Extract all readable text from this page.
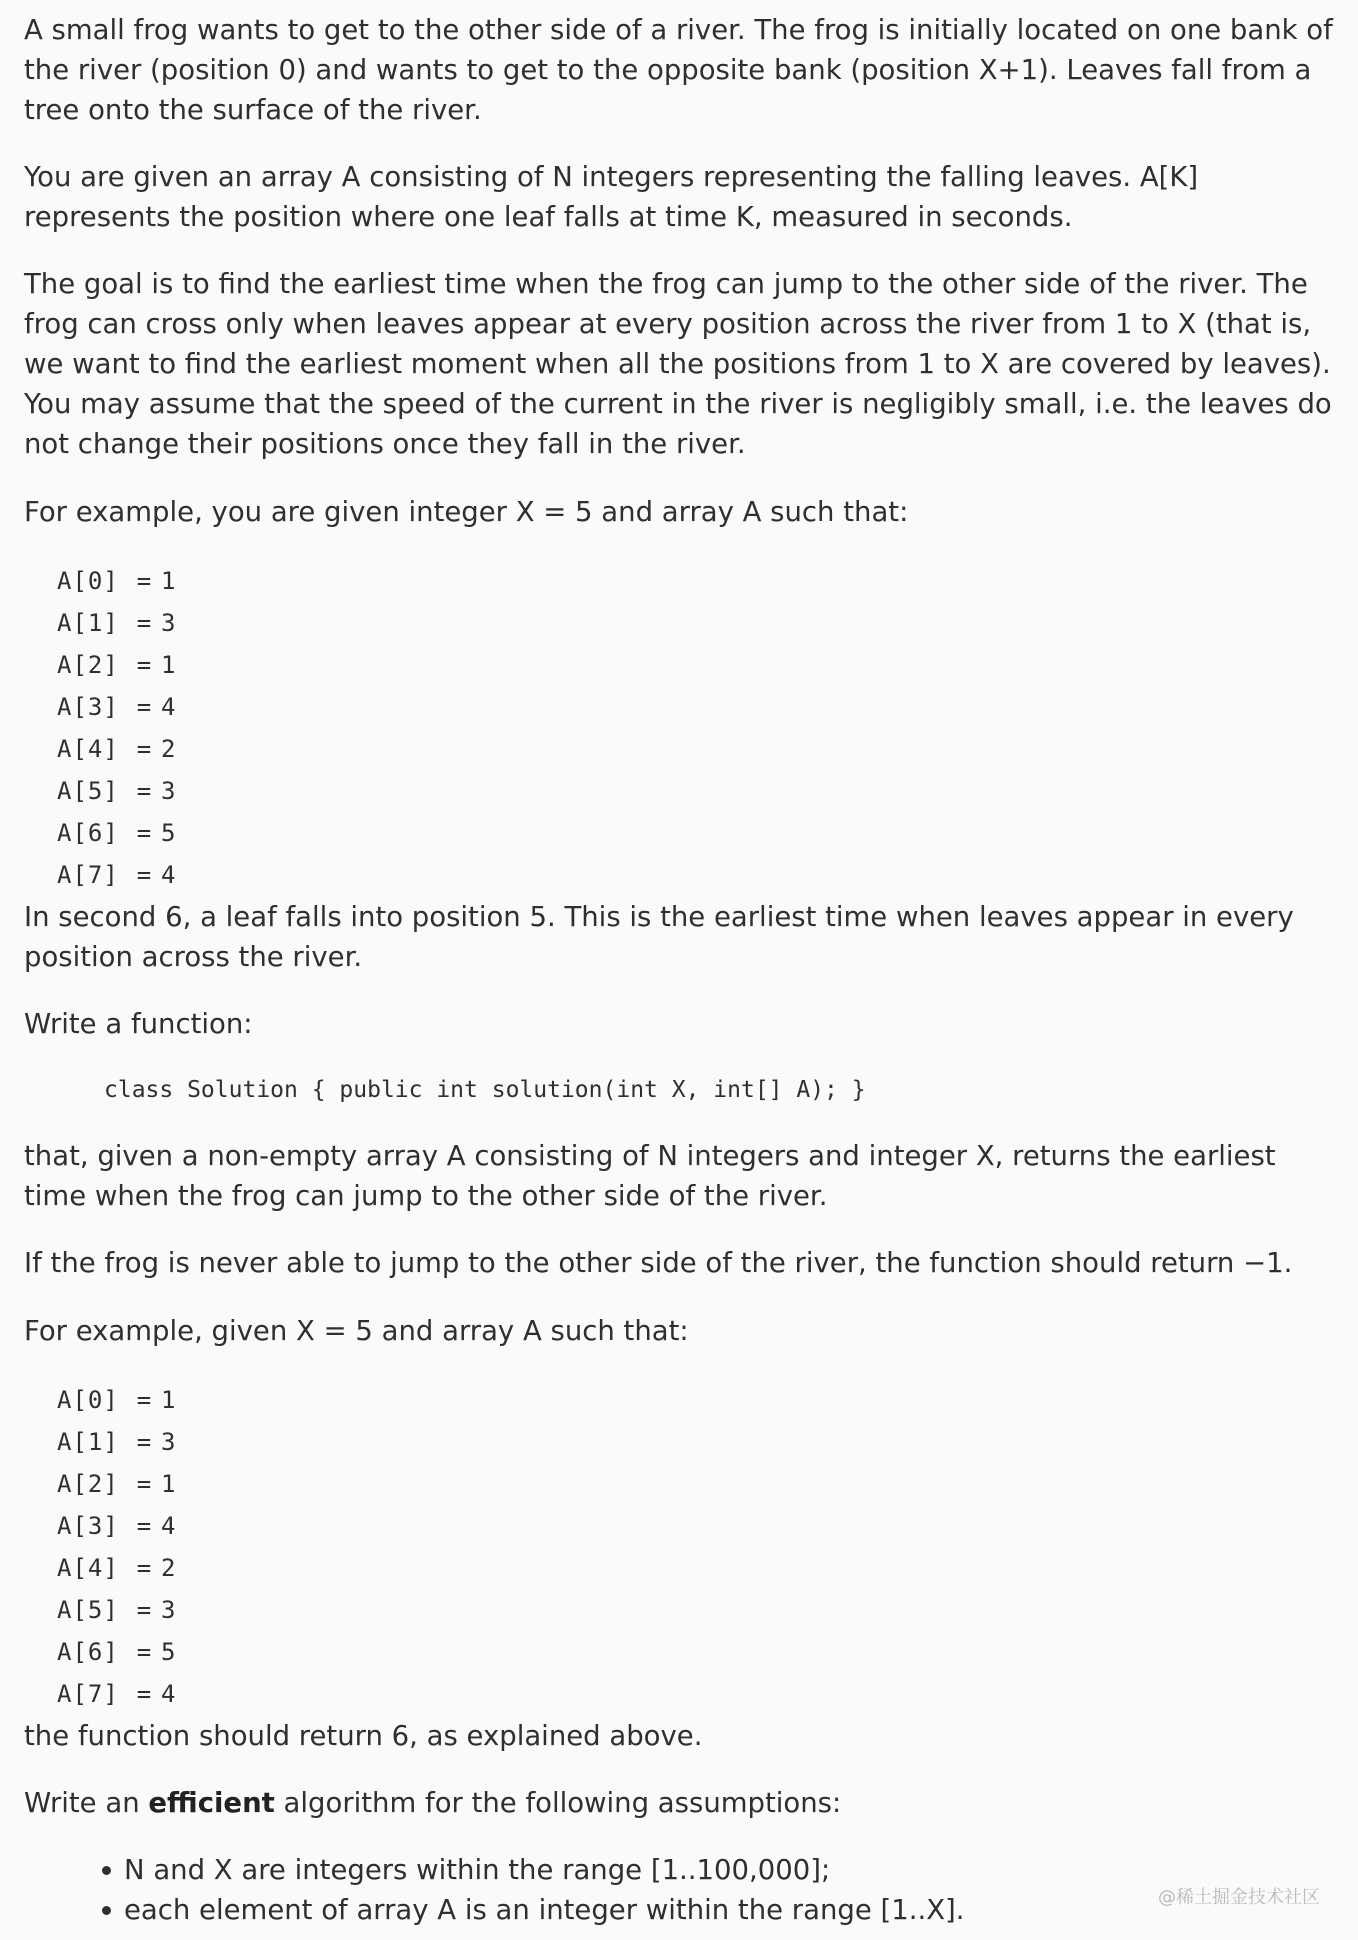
A small frog wants to get to the other side of a river. The frog is initially located on one bank of the river (position 0) and wants to get to the opposite bank (position X+1). Leaves fall from a tree onto the surface of the river.

You are given an array A consisting of N integers representing the falling leaves. A[K] represents the position where one leaf falls at time K, measured in seconds.

The goal is to find the earliest time when the frog can jump to the other side of the river. The frog can cross only when leaves appear at every position across the river from 1 to X (that is, we want to find the earliest moment when all the positions from 1 to X are covered by leaves). You may assume that the speed of the current in the river is negligibly small, i.e. the leaves do not change their positions once they fall in the river.

For example, you are given integer X = 5 and array A such that:

A[0] = 1
A[1] = 3
A[2] = 1
A[3] = 4
A[4] = 2
A[5] = 3
A[6] = 5
A[7] = 4

In second 6, a leaf falls into position 5. This is the earliest time when leaves appear in every position across the river.

Write a function:

class Solution { public int solution(int X, int[] A); }

that, given a non-empty array A consisting of N integers and integer X, returns the earliest time when the frog can jump to the other side of the river.

If the frog is never able to jump to the other side of the river, the function should return −1.

For example, given X = 5 and array A such that:

A[0] = 1
A[1] = 3
A[2] = 1
A[3] = 4
A[4] = 2
A[5] = 3
A[6] = 5
A[7] = 4

the function should return 6, as explained above.

Write an efficient algorithm for the following assumptions:

N and X are integers within the range [1..100,000];
each element of array A is an integer within the range [1..X].	@稀土掘金技术社区
